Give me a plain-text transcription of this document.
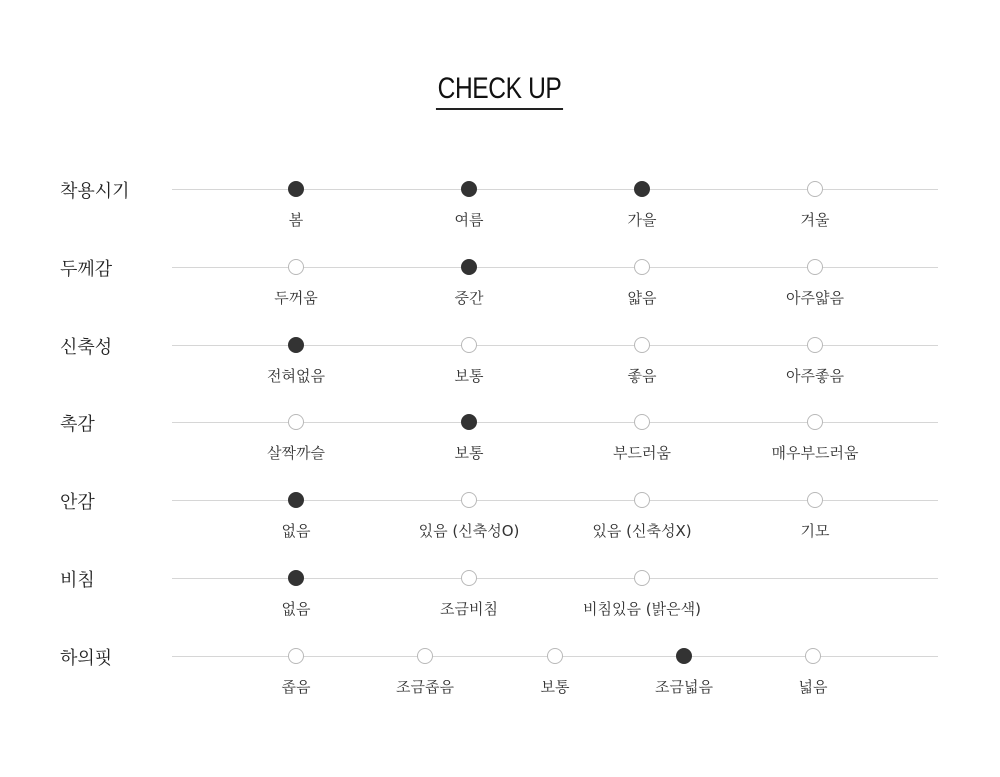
CHECK UP
착용시기
봄	여름	가을	겨울
두께감
두꺼움	중간	얇음	아주얇음
신축성
전혀없음	보통	좋음	아주좋음
촉감
살짝까슬	보통	부드러움	매우부드러움
안감
없음	있음 (신축성O)	있음 (신축성X)	기모
비침
없음	조금비침	비침있음 (밝은색)
하의핏
좁음	조금좁음	보통	조금넓음	넓음
